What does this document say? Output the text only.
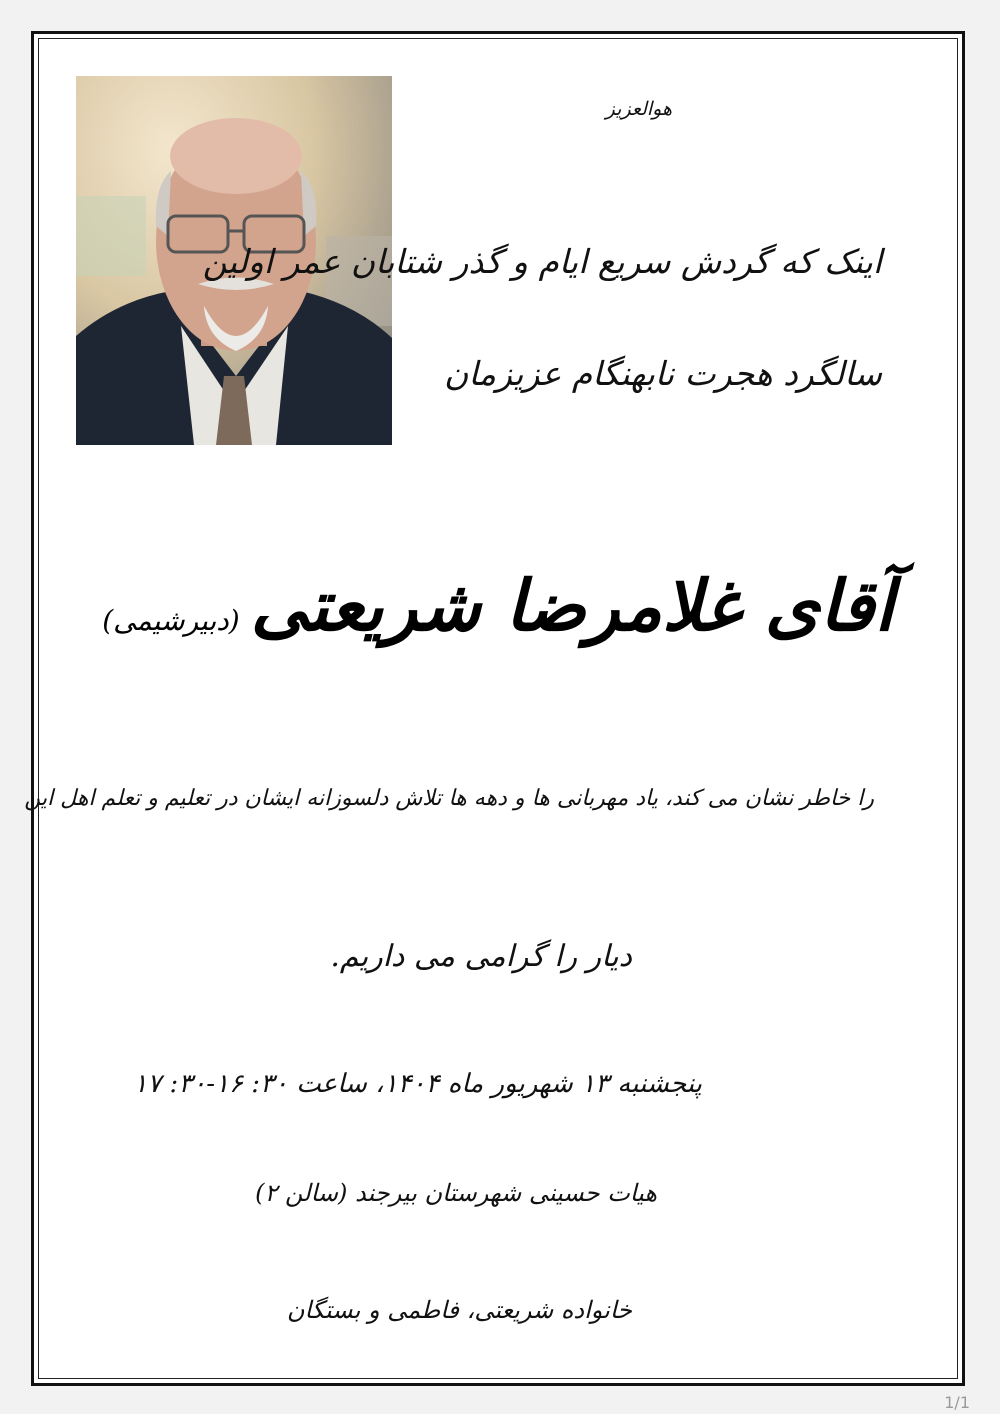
هوالعزیز
اینک که گردش سریع ایام و گذر شتابان عمر اولین
سالگرد هجرت نابهنگام عزیزمان
آقای غلامرضا شریعتی (دبیرشیمی)
را خاطر نشان می کند، یاد مهربانی ها و دهه ها تلاش دلسوزانه ایشان در تعلیم و تعلم اهل این
دیار را گرامی می داریم.
پنجشنبه ۱۳ شهریور ماه ۱۴۰۴، ساعت ۳۰: ۱۶-۳۰: ۱۷
هیات حسینی شهرستان بیرجند (سالن ۲)
خانواده شریعتی، فاطمی و بستگان
1/1
